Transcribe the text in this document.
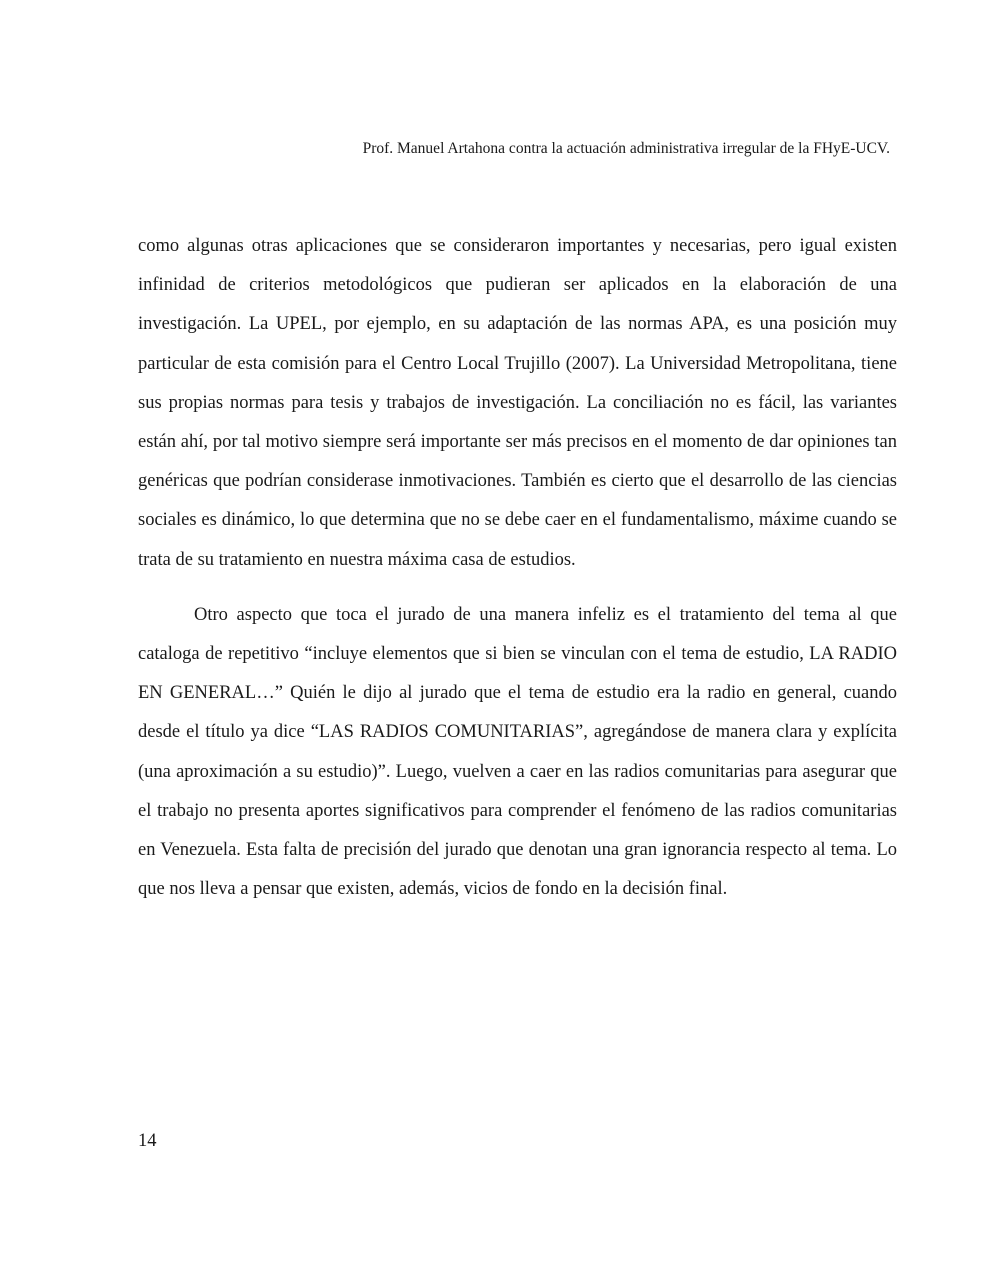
Prof. Manuel Artahona contra la actuación administrativa irregular de la FHyE-UCV.

como algunas otras aplicaciones que se consideraron importantes y necesarias, pero igual existen infinidad de criterios metodológicos que pudieran ser aplicados en la elaboración de una investigación. La UPEL, por ejemplo, en su adaptación de las normas APA, es una posición muy particular de esta comisión para el Centro Local Trujillo (2007). La Universidad Metropolitana, tiene sus propias normas para tesis y trabajos de investigación. La conciliación no es fácil, las variantes están ahí, por tal motivo siempre será importante ser más precisos en el momento de dar opiniones tan genéricas que podrían considerase inmotivaciones. También es cierto que el desarrollo de las ciencias sociales es dinámico, lo que determina que no se debe caer en el fundamentalismo, máxime cuando se trata de su tratamiento en nuestra máxima casa de estudios.

Otro aspecto que toca el jurado de una manera infeliz es el tratamiento del tema al que cataloga de repetitivo “incluye elementos que si bien se vinculan con el tema de estudio, LA RADIO EN GENERAL…” Quién le dijo al jurado que el tema de estudio era la radio en general, cuando desde el título ya dice “LAS RADIOS COMUNITARIAS”, agregándose de manera clara y explícita (una aproximación a su estudio)”. Luego, vuelven a caer en las radios comunitarias para asegurar que el trabajo no presenta aportes significativos para comprender el fenómeno de las radios comunitarias en Venezuela. Esta falta de precisión del jurado que denotan una gran ignorancia respecto al tema. Lo que nos lleva a pensar que existen, además, vicios de fondo en la decisión final.

14
